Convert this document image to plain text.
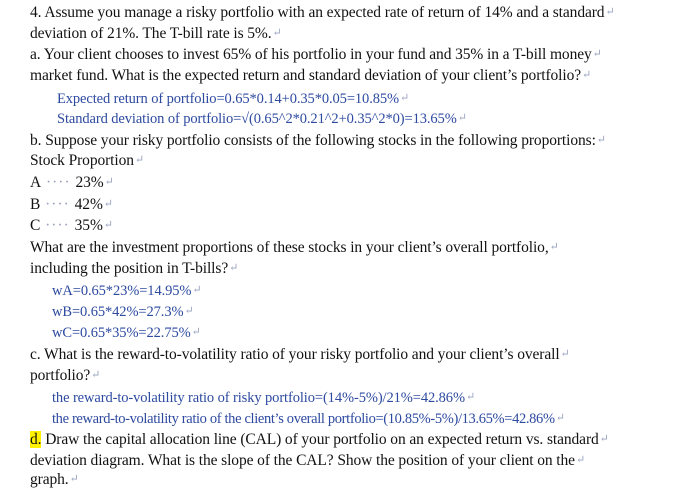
4. Assume you manage a risky portfolio with an expected rate of return of 14% and a standard↵
deviation of 21%. The T-bill rate is 5%.↵
a. Your client chooses to invest 65% of his portfolio in your fund and 35% in a T-bill money↵
market fund. What is the expected return and standard deviation of your client’s portfolio?↵
Expected return of portfolio=0.65*0.14+0.35*0.05=10.85%↵
Standard deviation of portfolio=√(0.65^2*0.21^2+0.35^2*0)=13.65%↵
b. Suppose your risky portfolio consists of the following stocks in the following proportions:↵
Stock Proportion↵
A ···· 23%↵
B ···· 42%↵
C ···· 35%↵
What are the investment proportions of these stocks in your client’s overall portfolio,↵
including the position in T-bills?↵
wA=0.65*23%=14.95%↵
wB=0.65*42%=27.3%↵
wC=0.65*35%=22.75%↵
c. What is the reward-to-volatility ratio of your risky portfolio and your client’s overall↵
portfolio?↵
the reward-to-volatility ratio of risky portfolio=(14%-5%)/21%=42.86%↵
the reward-to-volatility ratio of the client’s overall portfolio=(10.85%-5%)/13.65%=42.86%↵
d. Draw the capital allocation line (CAL) of your portfolio on an expected return vs. standard↵
deviation diagram. What is the slope of the CAL? Show the position of your client on the↵
graph.↵
